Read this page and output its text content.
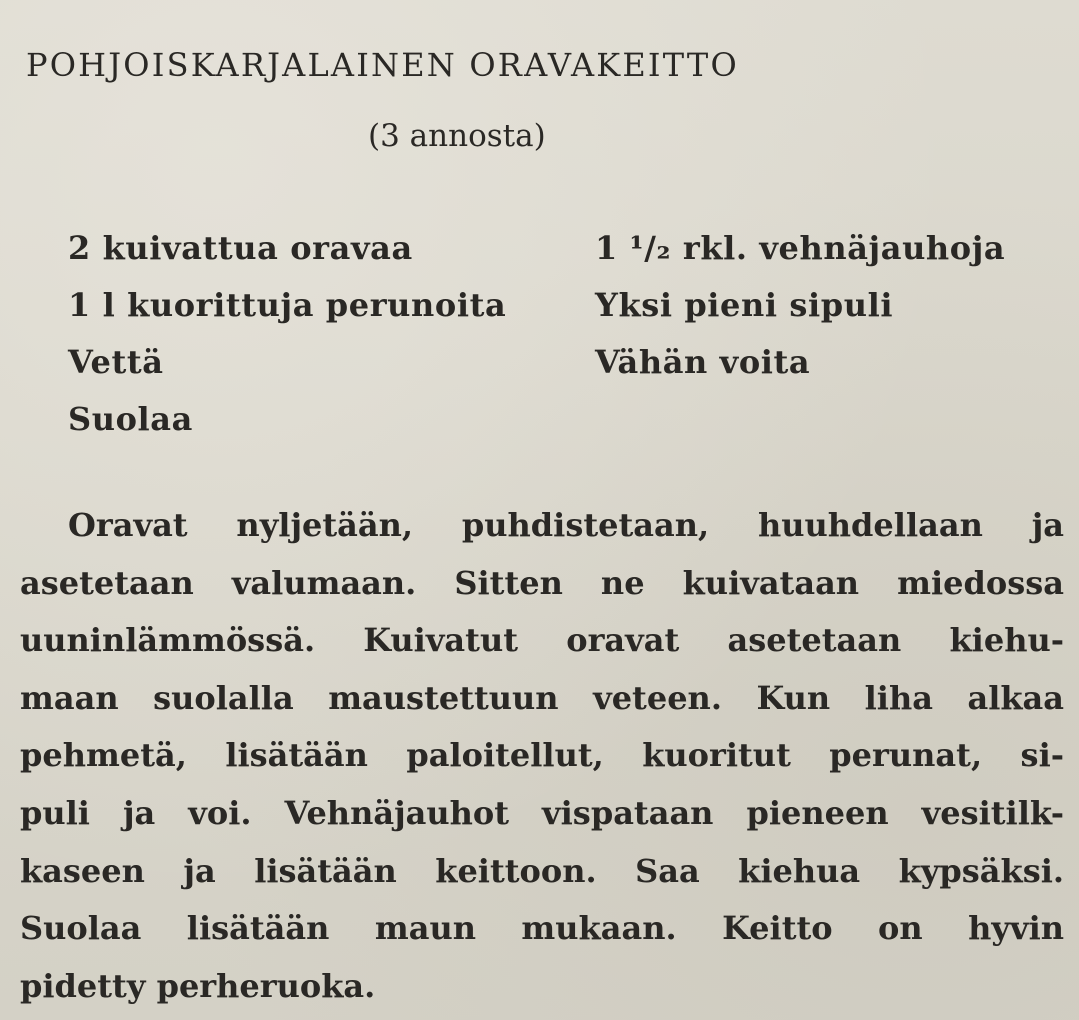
POHJOISKARJALAINEN ORAVAKEITTO
(3 annosta)
2 kuivattua oravaa
1 l kuorittuja perunoita
Vettä
Suolaa
1 ¹/₂ rkl. vehnäjauhoja
Yksi pieni sipuli
Vähän voita
Oravat nyljetään, puhdistetaan, huuhdellaan ja
asetetaan valumaan. Sitten ne kuivataan miedossa
uuninlämmössä. Kuivatut oravat asetetaan kiehu-
maan suolalla maustettuun veteen. Kun liha alkaa
pehmetä, lisätään paloitellut, kuoritut perunat, si-
puli ja voi. Vehnäjauhot vispataan pieneen vesitilk-
kaseen ja lisätään keittoon. Saa kiehua kypsäksi.
Suolaa lisätään maun mukaan. Keitto on hyvin
pidetty perheruoka.
